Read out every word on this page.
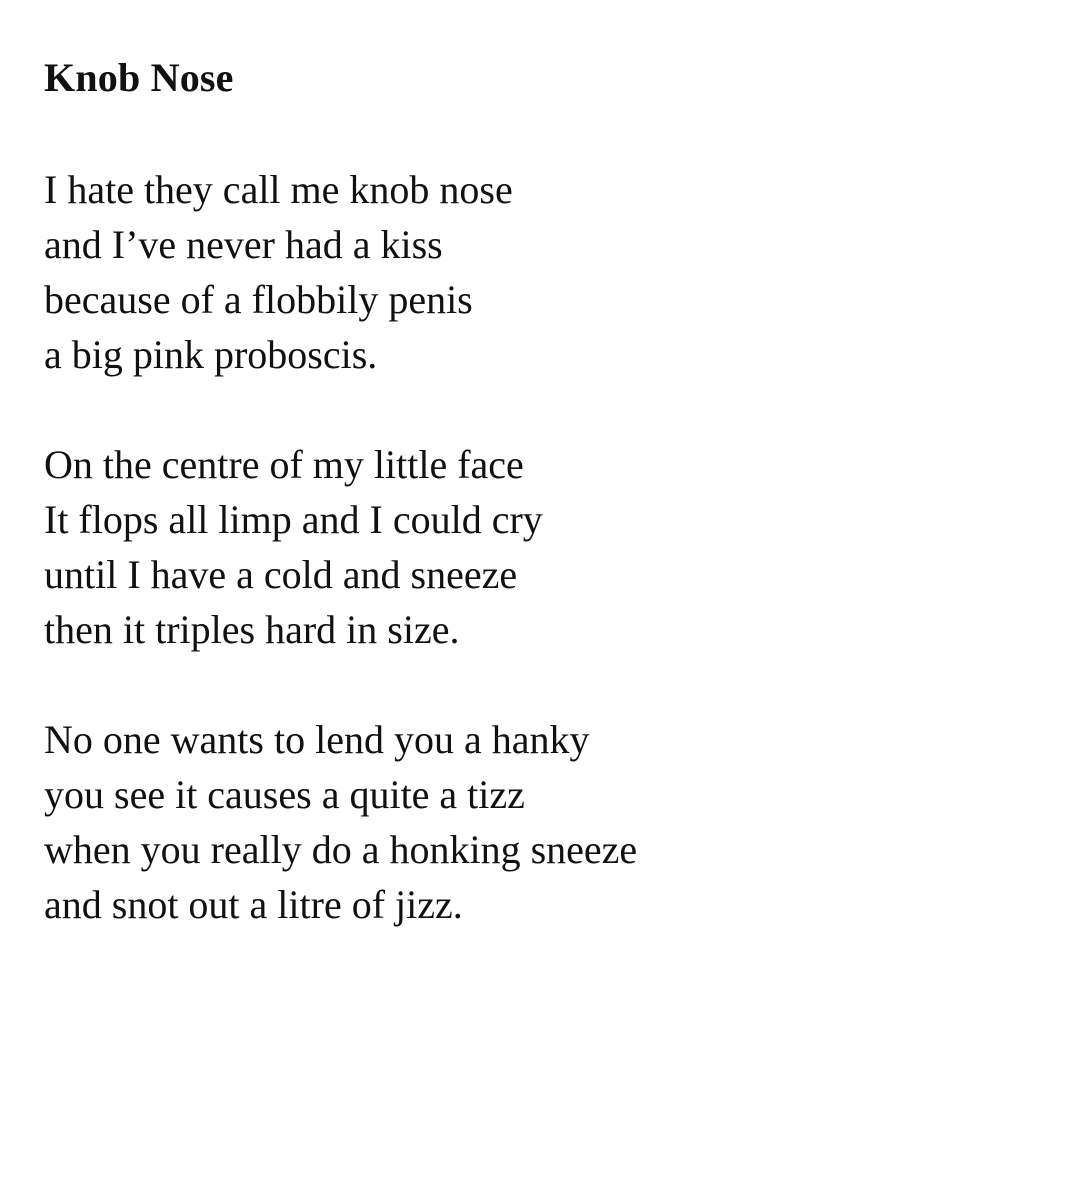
Knob Nose
I hate they call me knob nose
and I’ve never had a kiss
because of a flobbily penis
a big pink proboscis.
On the centre of my little face
It flops all limp and I could cry
until I have a cold and sneeze
then it triples hard in size.
No one wants to lend you a hanky
you see it causes a quite a tizz
when you really do a honking sneeze
and snot out a litre of jizz.
